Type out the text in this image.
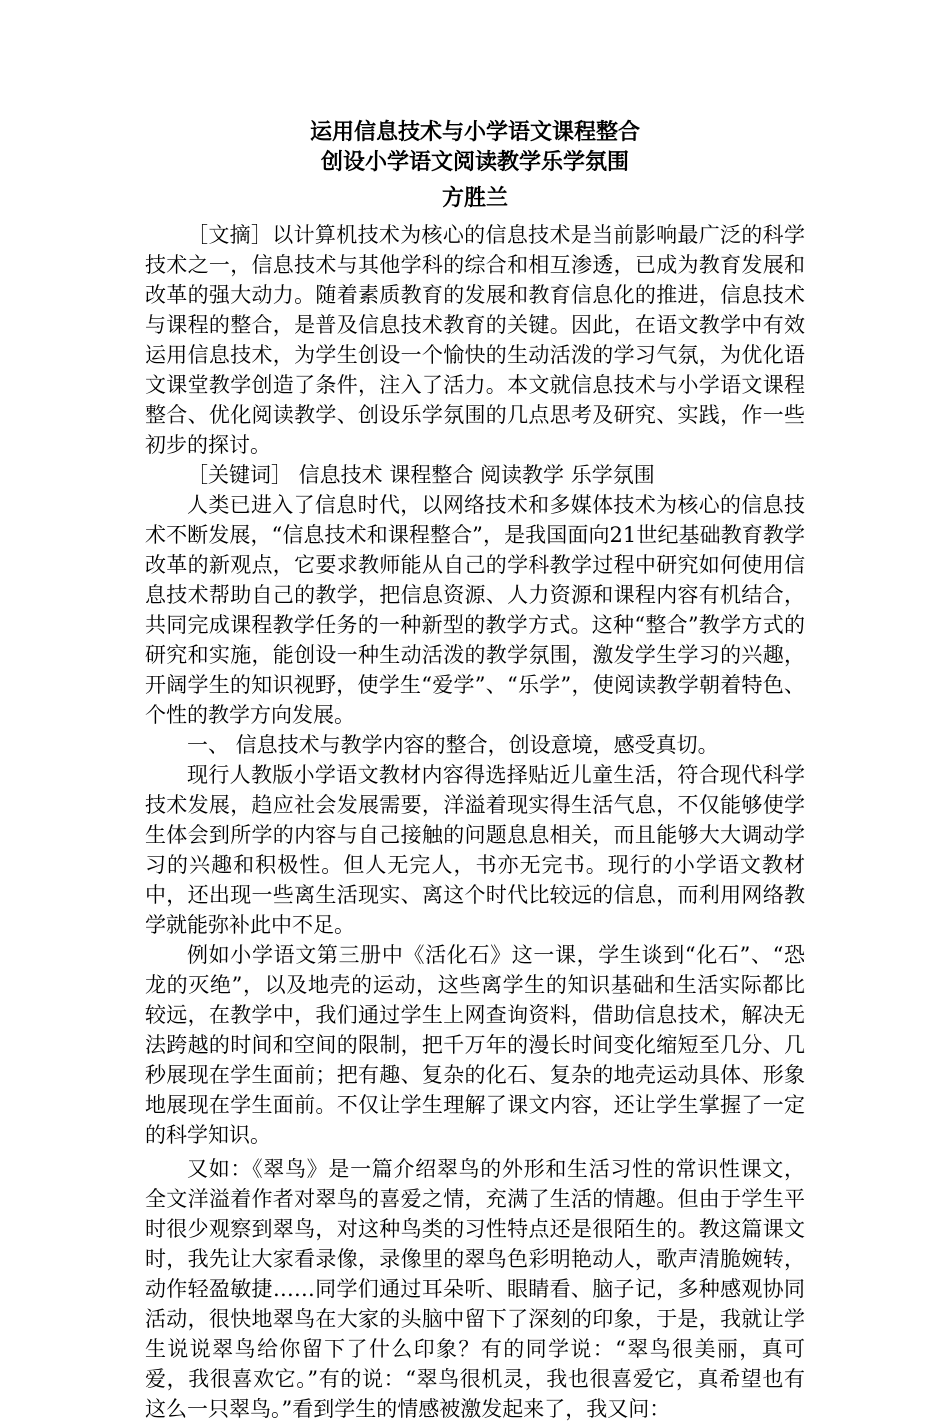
运用信息技术与小学语文课程整合
创设小学语文阅读教学乐学氛围
方胜兰

［文摘］以计算机技术为核心的信息技术是当前影响最广泛的科学技术之一，信息技术与其他学科的综合和相互渗透，已成为教育发展和改革的强大动力。随着素质教育的发展和教育信息化的推进，信息技术与课程的整合，是普及信息技术教育的关键。因此，在语文教学中有效运用信息技术，为学生创设一个愉快的生动活泼的学习气氛，为优化语文课堂教学创造了条件，注入了活力。本文就信息技术与小学语文课程整合、优化阅读教学、创设乐学氛围的几点思考及研究、实践，作一些初步的探讨。

［关键词］ 信息技术 课程整合 阅读教学 乐学氛围

人类已进入了信息时代，以网络技术和多媒体技术为核心的信息技术不断发展，“信息技术和课程整合”，是我国面向21世纪基础教育教学改革的新观点，它要求教师能从自己的学科教学过程中研究如何使用信息技术帮助自己的教学，把信息资源、人力资源和课程内容有机结合，共同完成课程教学任务的一种新型的教学方式。这种“整合”教学方式的研究和实施，能创设一种生动活泼的教学氛围，激发学生学习的兴趣，开阔学生的知识视野，使学生“爱学”、“乐学”，使阅读教学朝着特色、个性的教学方向发展。

一、 信息技术与教学内容的整合，创设意境，感受真切。

现行人教版小学语文教材内容得选择贴近儿童生活，符合现代科学技术发展，趋应社会发展需要，洋溢着现实得生活气息，不仅能够使学生体会到所学的内容与自己接触的问题息息相关，而且能够大大调动学习的兴趣和积极性。但人无完人，书亦无完书。现行的小学语文教材中，还出现一些离生活现实、离这个时代比较远的信息，而利用网络教学就能弥补此中不足。

例如小学语文第三册中《活化石》这一课，学生谈到“化石”、“恐龙的灭绝”，以及地壳的运动，这些离学生的知识基础和生活实际都比较远，在教学中，我们通过学生上网查询资料，借助信息技术，解决无法跨越的时间和空间的限制，把千万年的漫长时间变化缩短至几分、几秒展现在学生面前；把有趣、复杂的化石、复杂的地壳运动具体、形象地展现在学生面前。不仅让学生理解了课文内容，还让学生掌握了一定的科学知识。

又如：《翠鸟》是一篇介绍翠鸟的外形和生活习性的常识性课文，全文洋溢着作者对翠鸟的喜爱之情，充满了生活的情趣。但由于学生平时很少观察到翠鸟，对这种鸟类的习性特点还是很陌生的。教这篇课文时，我先让大家看录像，录像里的翠鸟色彩明艳动人，歌声清脆婉转，动作轻盈敏捷……同学们通过耳朵听、眼睛看、脑子记，多种感观协同活动，很快地翠鸟在大家的头脑中留下了深刻的印象，于是，我就让学生说说翠鸟给你留下了什么印象？有的同学说：“翠鸟很美丽，真可爱，我很喜欢它。”有的说：“翠鸟很机灵，我也很喜爱它，真希望也有这么一只翠鸟。”看到学生的情感被激发起来了，我又问：
